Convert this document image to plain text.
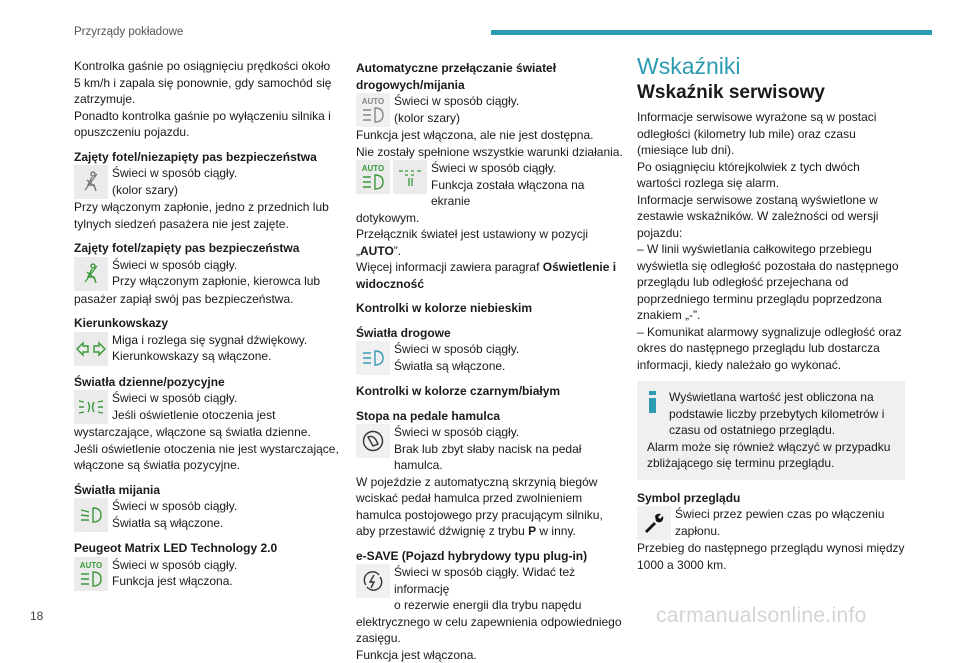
Przyrządy pokładowe

Kontrolka gaśnie po osiągnięciu prędkości około

5 km/h i zapala się ponownie, gdy samochód się

zatrzymuje.

Ponadto kontrolka gaśnie po wyłączeniu silnika i

opuszczeniu pojazdu.

Zajęty fotel/niezapięty pas bezpieczeństwa

Świeci w sposób ciągły.

(kolor szary)

Przy włączonym zapłonie, jedno z przednich lub tylnych siedzeń pasażera nie jest zajęte.

Zajęty fotel/zapięty pas bezpieczeństwa

Świeci w sposób ciągły.

Przy włączonym zapłonie, kierowca lub

pasażer zapiął swój pas bezpieczeństwa.

Kierunkowskazy

Miga i rozlega się sygnał dźwiękowy.

Kierunkowskazy są włączone.

Światła dzienne/pozycyjne

Świeci w sposób ciągły.

Jeśli oświetlenie otoczenia jest

wystarczające, włączone są światła dzienne.

Jeśli oświetlenie otoczenia nie jest wystarczające, włączone są światła pozycyjne.

Światła mijania

Świeci w sposób ciągły.

Światła są włączone.

Peugeot Matrix LED Technology 2.0

AUTO Świeci w sposób ciągły.

Funkcja jest włączona.

Automatyczne przełączanie świateł drogowych/mijania

AUTO Świeci w sposób ciągły.

(kolor szary)

Funkcja jest włączona, ale nie jest dostępna.

Nie zostały spełnione wszystkie warunki działania.

AUTO	Świeci w sposób ciągły.

Funkcja została włączona na ekranie

dotykowym.

Przełącznik świateł jest ustawiony w pozycji „AUTO”.

Więcej informacji zawiera paragraf Oświetlenie i widoczność

Kontrolki w kolorze niebieskim

Światła drogowe

Świeci w sposób ciągły.

Światła są włączone.

Kontrolki w kolorze czarnym/białym

Stopa na pedale hamulca

Świeci w sposób ciągły.

Brak lub zbyt słaby nacisk na pedał hamulca.

W pojeździe z automatyczną skrzynią biegów wciskać pedał hamulca przed zwolnieniem hamulca postojowego przy pracującym silniku, aby przestawić dźwignię z trybu P w inny.

e-SAVE (Pojazd hybrydowy typu plug-in)

Świeci w sposób ciągły. Widać też informację

o rezerwie energii dla trybu napędu

elektrycznego w celu zapewnienia odpowiedniego zasięgu.

Funkcja jest włączona.

Wskaźniki

Wskaźnik serwisowy

Informacje serwisowe wyrażone są w postaci odległości (kilometry lub mile) oraz czasu (miesiące lub dni).

Po osiągnięciu którejkolwiek z tych dwóch wartości rozlega się alarm.

Informacje serwisowe zostaną wyświetlone w zestawie wskaźników. W zależności od wersji pojazdu:

– W linii wyświetlania całkowitego przebiegu wyświetla się odległość pozostała do następnego przeglądu lub odległość przejechana od poprzedniego terminu przeglądu poprzedzona znakiem „-”.

– Komunikat alarmowy sygnalizuje odległość oraz okres do następnego przeglądu lub dostarcza informacji, kiedy należało go wykonać.

Wyświetlana wartość jest obliczona na podstawie liczby przebytych kilometrów i czasu od ostatniego przeglądu.

Alarm może się również włączyć w przypadku zbliżającego się terminu przeglądu.

Symbol przeglądu

Świeci przez pewien czas po włączeniu

zapłonu.

Przebieg do następnego przeglądu wynosi między 1000 a 3000 km.

18	carmanualsonline.info
